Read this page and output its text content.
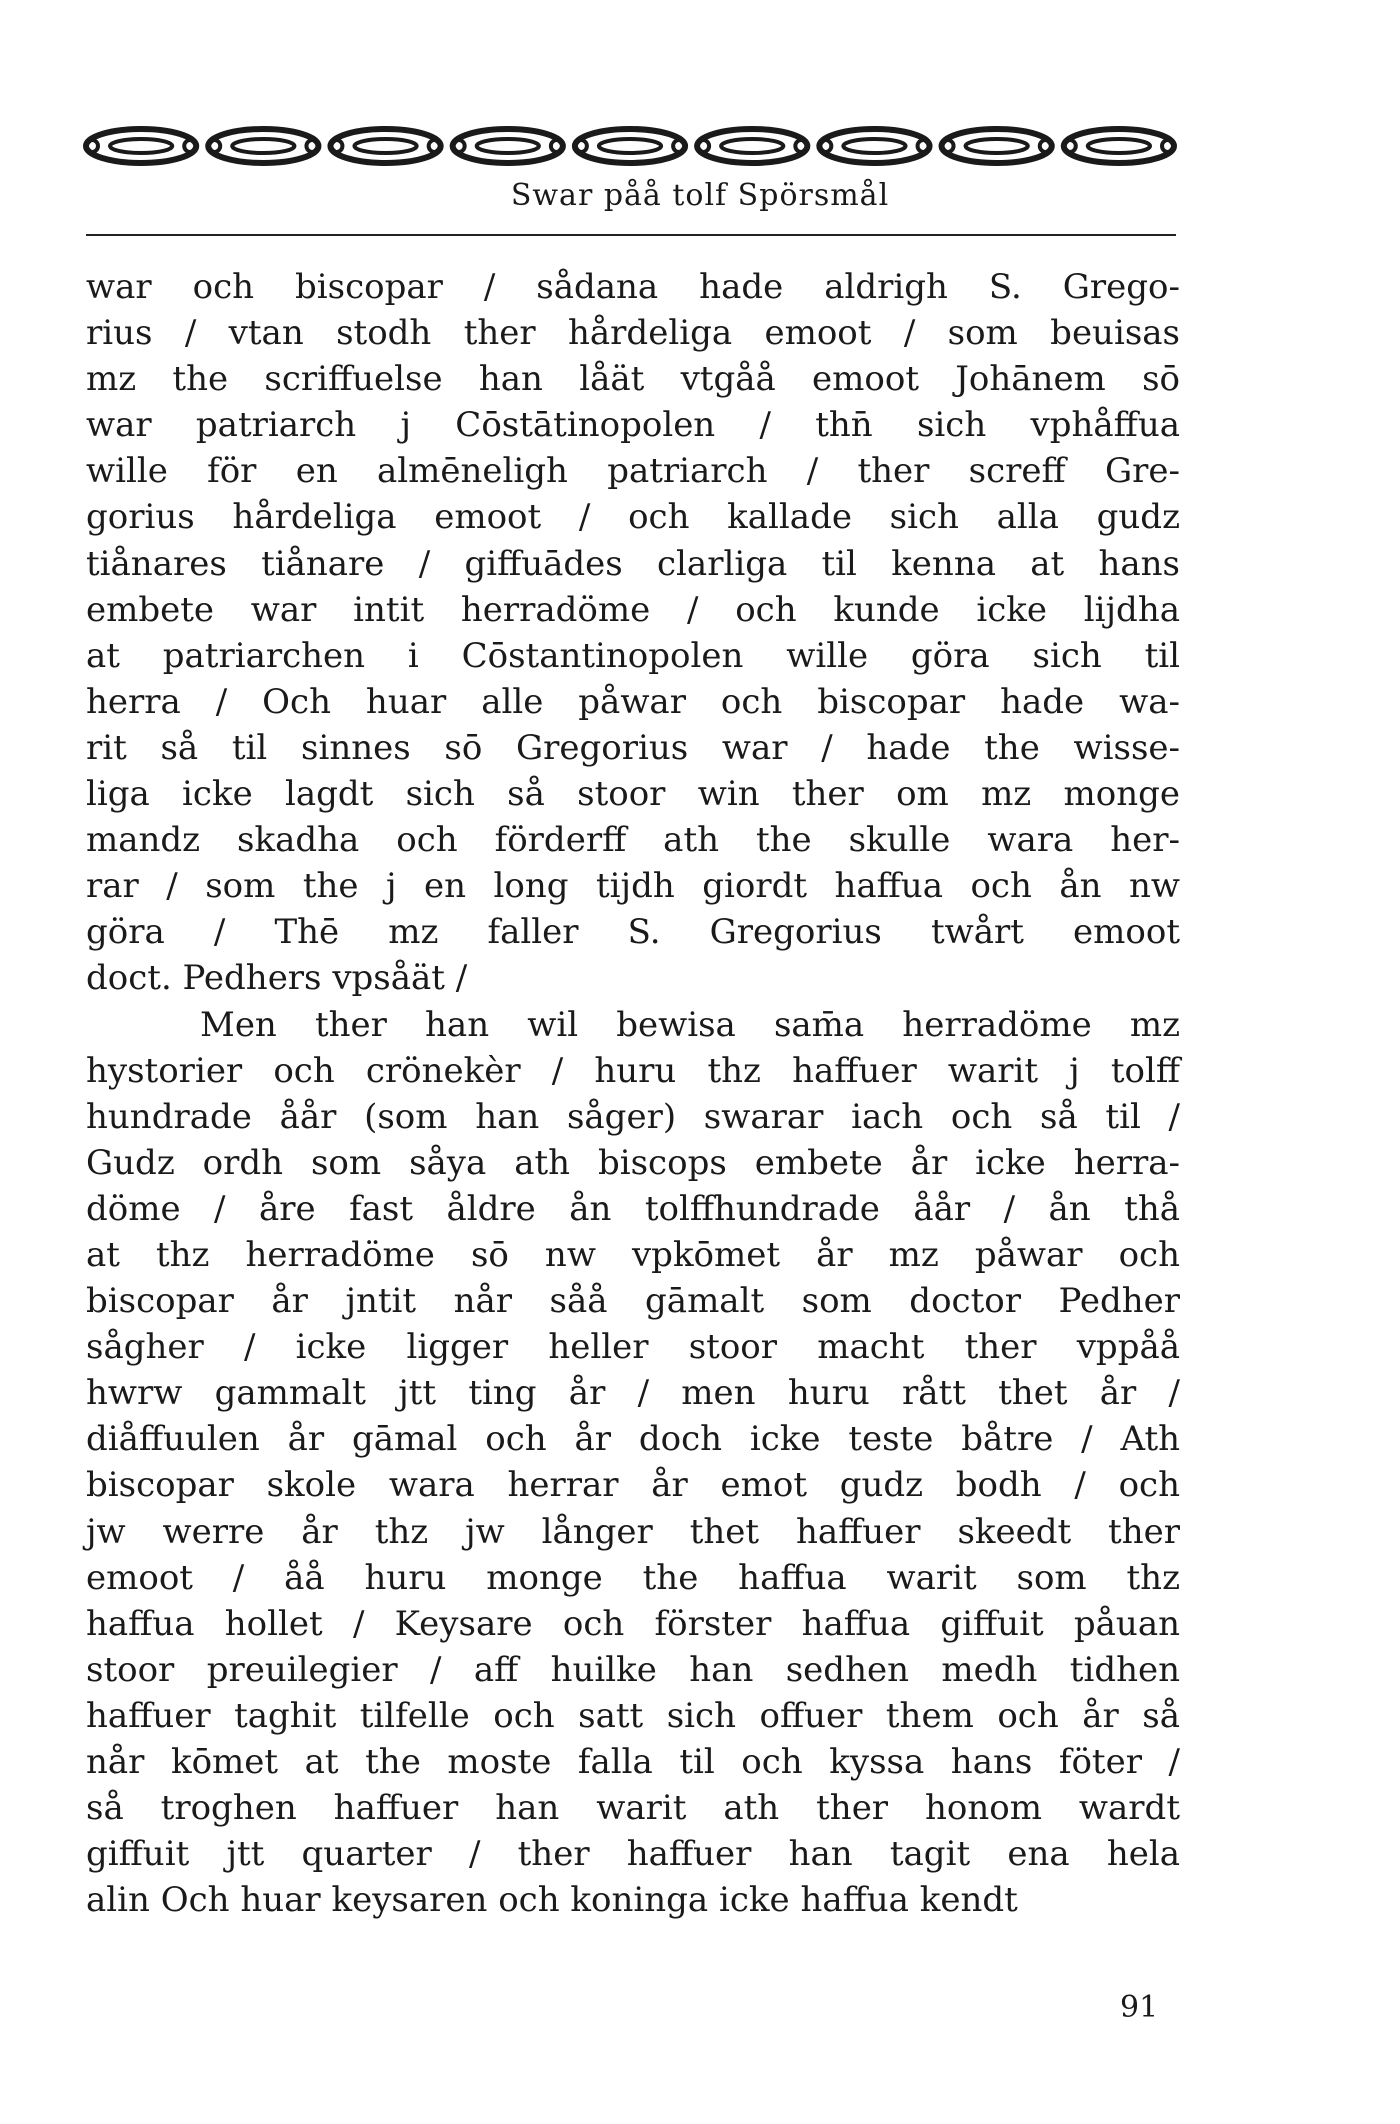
Swar påå tolf Spörsmål
war och biscopar / sådana hade aldrigh S. Grego-
rius / vtan stodh ther hårdeliga emoot / som beuisas
mz the scriffuelse han låät vtgåå emoot Johānem sō
war patriarch j Cōstātinopolen / thn̄ sich vphåffua
wille för en almēneligh patriarch / ther screff Gre-
gorius hårdeliga emoot / och kallade sich alla gudz
tiånares tiånare / giffuādes clarliga til kenna at hans
embete war intit herradöme / och kunde icke lijdha
at patriarchen i Cōstantinopolen wille göra sich til
herra / Och huar alle påwar och biscopar hade wa-
rit så til sinnes sō Gregorius war / hade the wisse-
liga icke lagdt sich så stoor win ther om mz monge
mandz skadha och förderff ath the skulle wara her-
rar / som the j en long tijdh giordt haffua och ån nw
göra / Thē mz faller S. Gregorius twårt emoot
doct. Pedhers vpsåät /
Men ther han wil bewisa sam̄a herradöme mz
hystorier och crönekèr / huru thz haffuer warit j tolff
hundrade åår (som han såger) swarar iach och så til /
Gudz ordh som såya ath biscops embete år icke herra-
döme / åre fast åldre ån tolffhundrade åår / ån thå
at thz herradöme sō nw vpkōmet år mz påwar och
biscopar år jntit når såå gāmalt som doctor Pedher
sågher / icke ligger heller stoor macht ther vppåå
hwrw gammalt jtt ting år / men huru rått thet år /
diåffuulen år gāmal och år doch icke teste båtre / Ath
biscopar skole wara herrar år emot gudz bodh / och
jw werre år thz jw långer thet haffuer skeedt ther
emoot / åå huru monge the haffua warit som thz
haffua hollet / Keysare och förster haffua giffuit påuan
stoor preuilegier / aff huilke han sedhen medh tidhen
haffuer taghit tilfelle och satt sich offuer them och år så
når kōmet at the moste falla til och kyssa hans föter /
så troghen haffuer han warit ath ther honom wardt
giffuit jtt quarter / ther haffuer han tagit ena hela
alin Och huar keysaren och koninga icke haffua kendt
91
